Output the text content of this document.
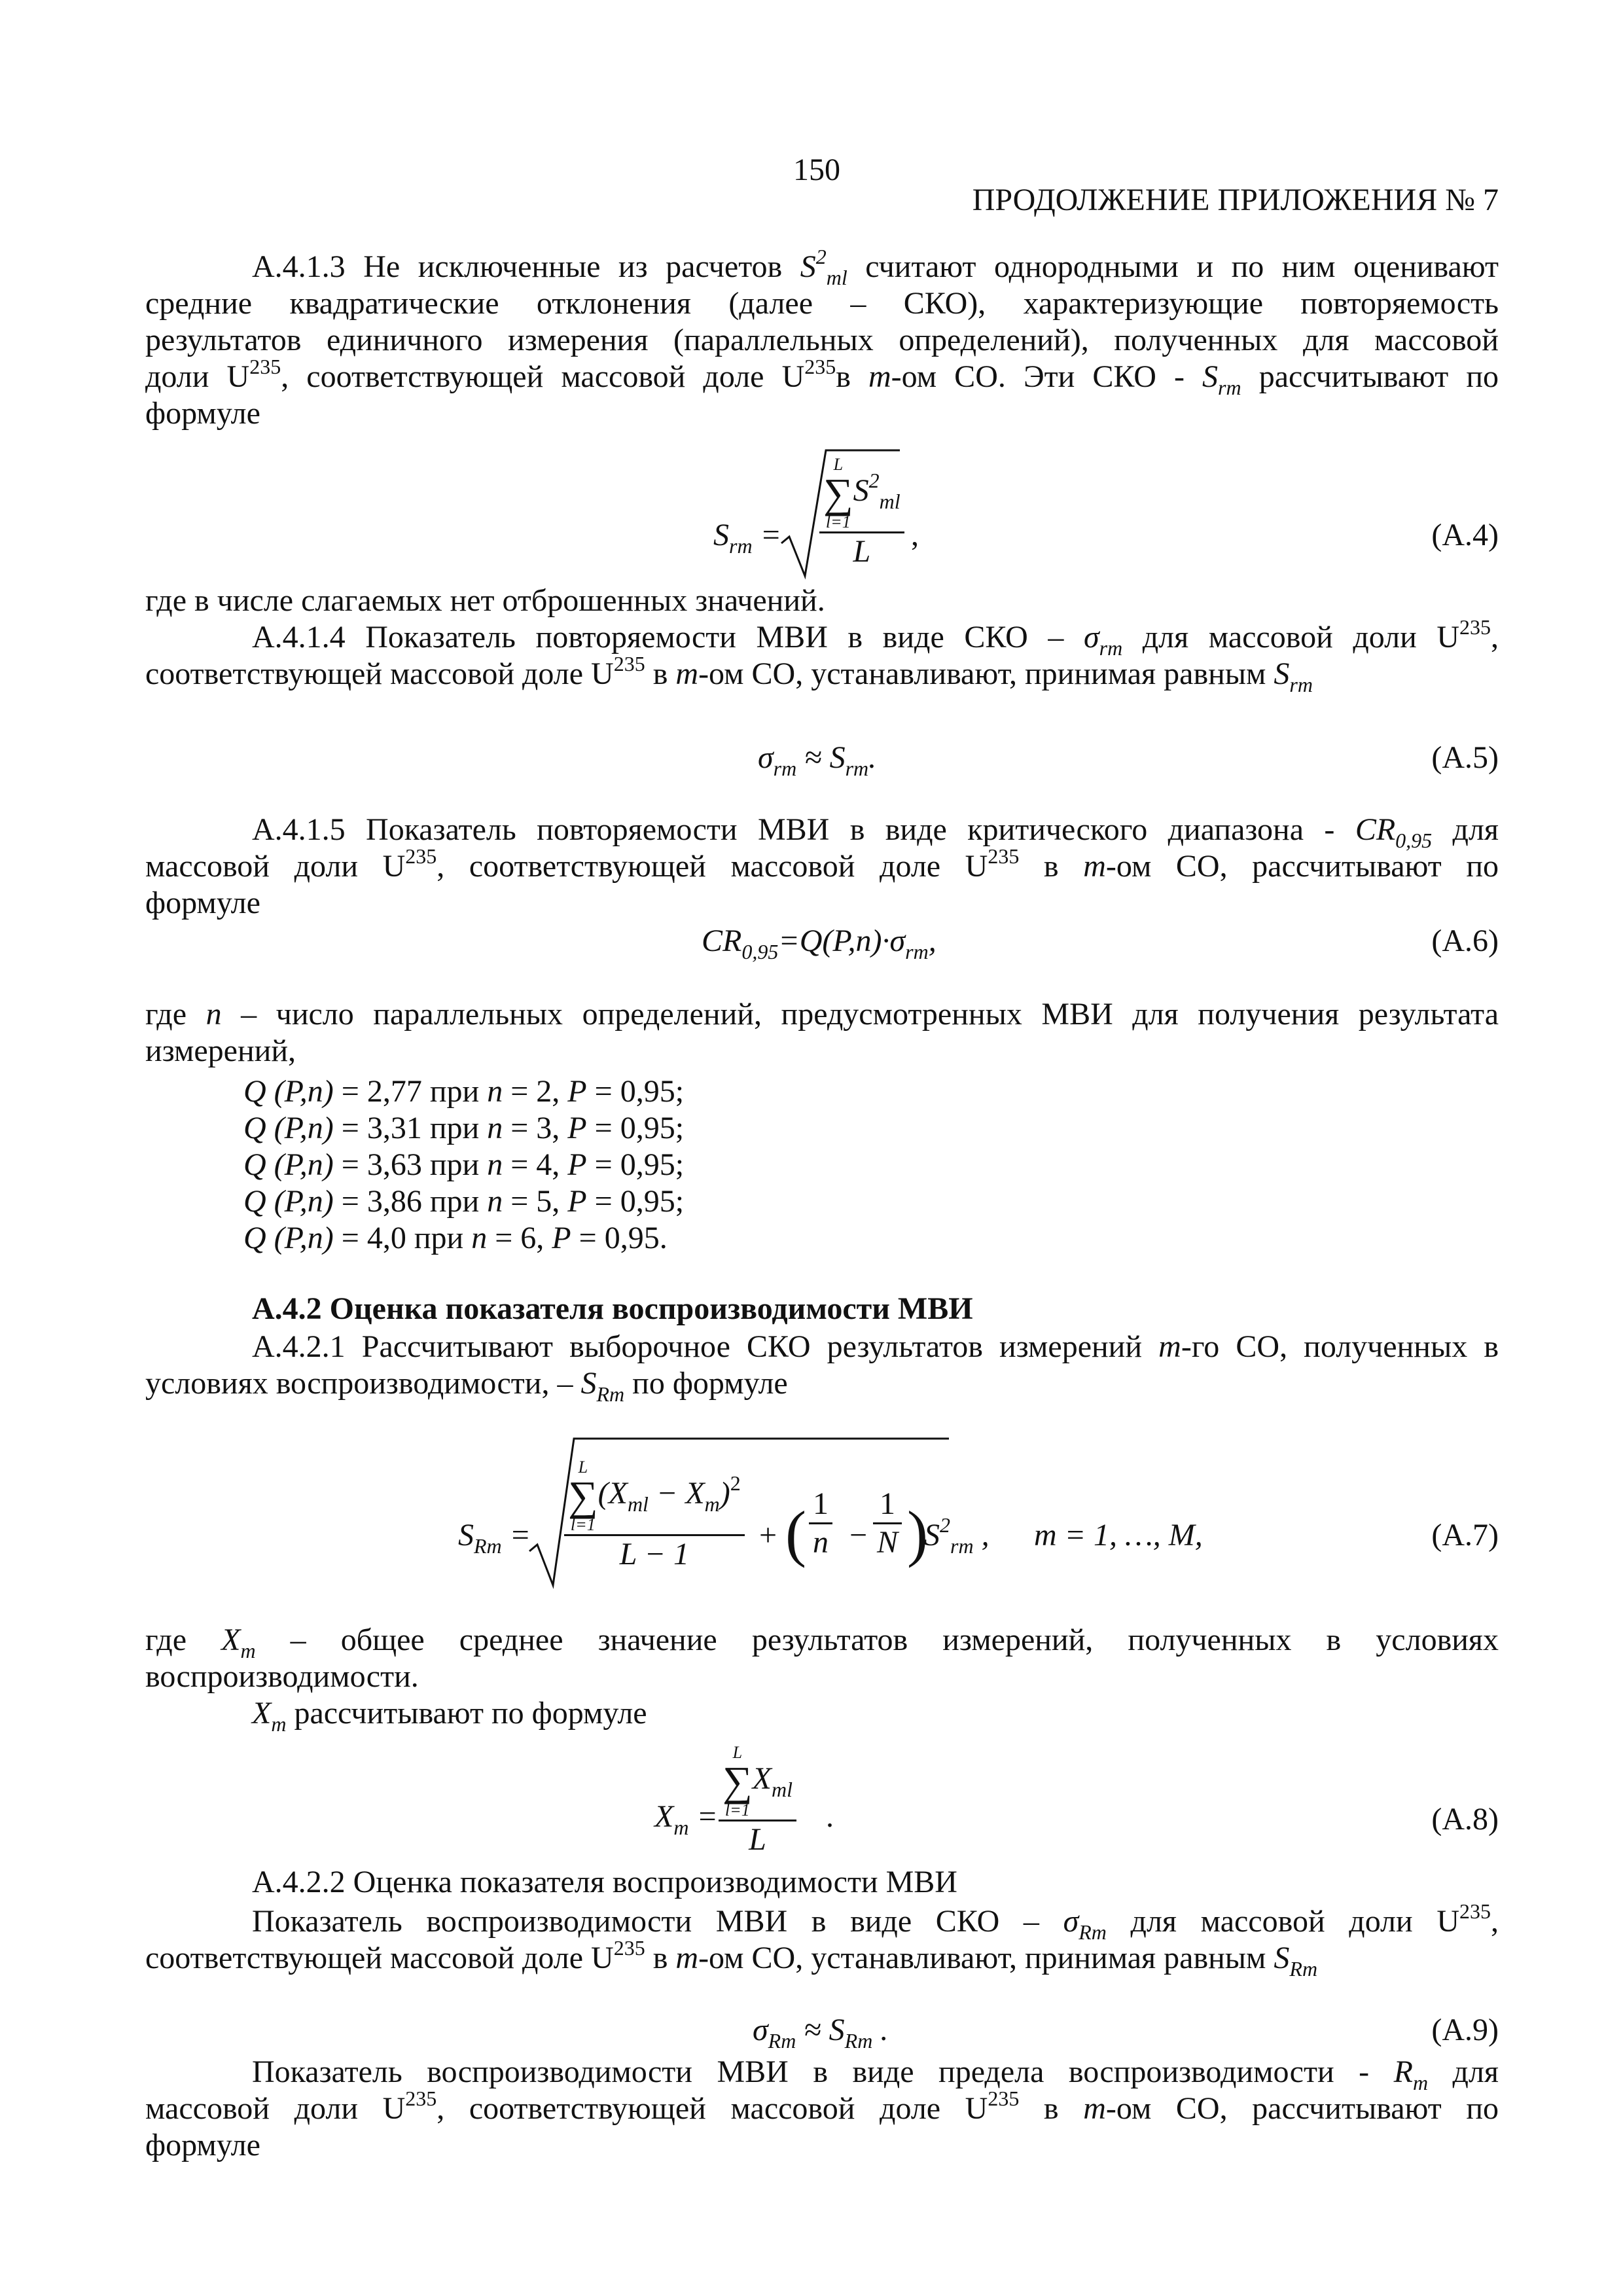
150
ПРОДОЛЖЕНИЕ ПРИЛОЖЕНИЯ № 7
А.4.1.3 Не исключенные из расчетов $S^2_{ml}$ считают однородными и по ним оценивают
средние квадратические отклонения (далее – СКО), характеризующие повторяемость
результатов единичного измерения (параллельных определений), полученных для массовой
доли $U^{235}$, соответствующей массовой доле $U^{235}в$ m-ом СО. Эти СКО - $S_{rm}$ рассчитывают по
формуле
$S_{rm} = L$
∑
l=1
$S^2_{ml}$
L ,	(А.4)
где в числе слагаемых нет отброшенных значений.
А.4.1.4 Показатель повторяемости МВИ в виде СКО – $\sigma_{rm}$ для массовой доли $U^{235}$,
соответствующей массовой доле $U^{235}$ в m-ом СО, устанавливают, принимая равным $S_{rm}$
$\sigma_{rm} \approx S_{rm}$.	(А.5)
А.4.1.5 Показатель повторяемости МВИ в виде критического диапазона - $CR_{0,95}$ для
массовой доли $U^{235}$, соответствующей массовой доле $U^{235}$ в m-ом СО, рассчитывают по
формуле
$CR_{0,95}=Q(P,n)\cdot\sigma_{rm}$,	(А.6)
где n – число параллельных определений, предусмотренных МВИ для получения результата
измерений,
Q (P,n) = 2,77 при n = 2, P = 0,95;
Q (P,n) = 3,31 при n = 3, P = 0,95;
Q (P,n) = 3,63 при n = 4, P = 0,95;
Q (P,n) = 3,86 при n = 5, P = 0,95;
Q (P,n) = 4,0 при n = 6, P = 0,95.
А.4.2 Оценка показателя воспроизводимости МВИ
А.4.2.1 Рассчитывают выборочное СКО результатов измерений m-го СО, полученных в
условиях воспроизводимости, – $S_{Rm}$ по формуле
$S_{Rm} = L$
∑
l=1
$(X_{ml} - X_m)^2$
L − 1 + ( $\frac{1}{n} - \frac{1}{N}$ )
$S^2_{rm}$ , m = 1, …, M,	(А.7)
где $X_m$ – общее среднее значение результатов измерений, полученных в условиях
воспроизводимости.
$X_m$ рассчитывают по формуле
$X_m = L$
∑
l=1
$X_{ml}$
L .	(А.8)
А.4.2.2 Оценка показателя воспроизводимости МВИ
Показатель воспроизводимости МВИ в виде СКО – $\sigma_{Rm}$ для массовой доли $U^{235}$,
соответствующей массовой доле $U^{235}$ в m-ом СО, устанавливают, принимая равным $S_{Rm}$
$\sigma_{Rm} \approx S_{Rm}$ .	(А.9)
Показатель воспроизводимости МВИ в виде предела воспроизводимости - $R_m$ для
массовой доли $U^{235}$, соответствующей массовой доле $U^{235}$ в m-ом СО, рассчитывают по
формуле
